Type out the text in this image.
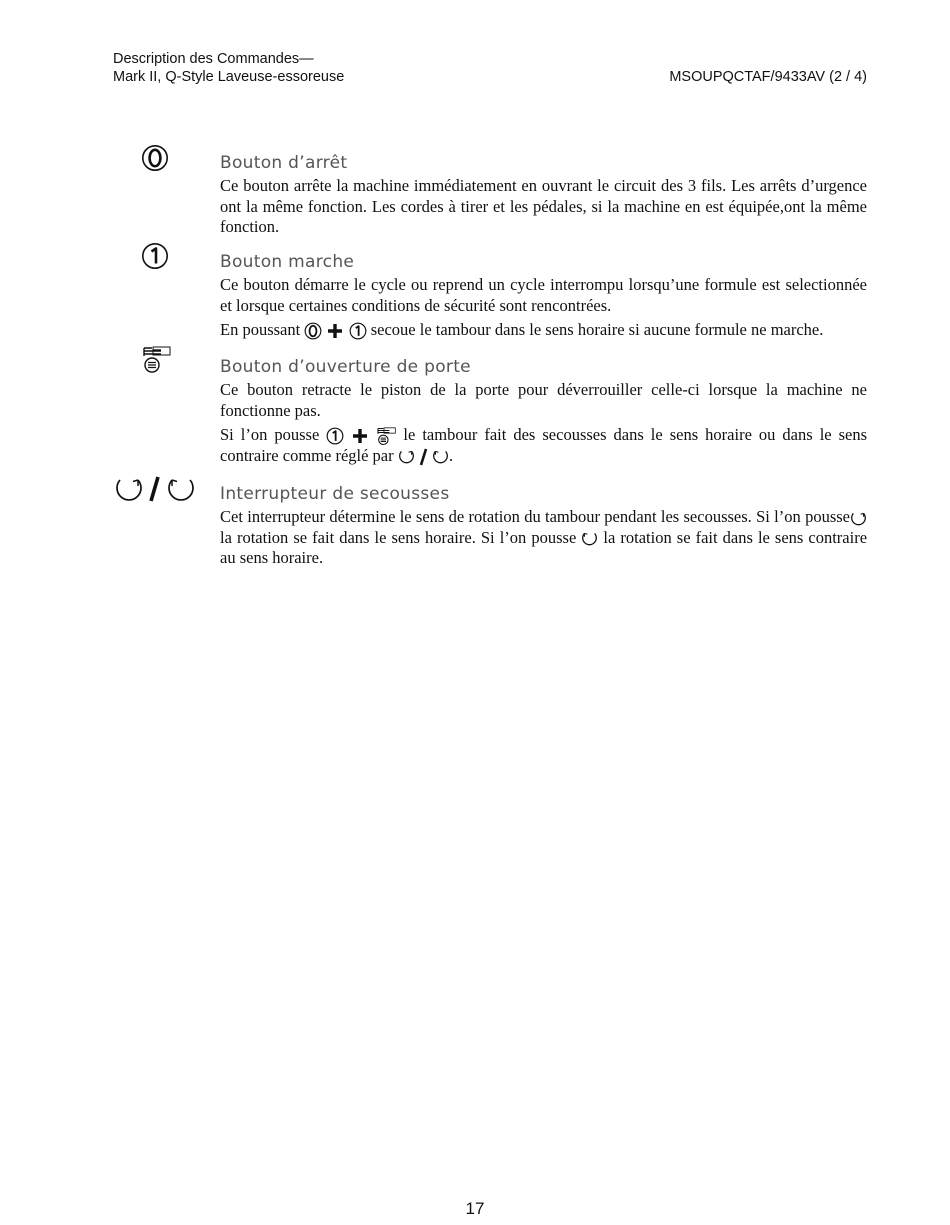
Description des Commandes—
Mark II, Q-Style Laveuse-essoreuse	MSOUPQCTAF/9433AV (2 / 4)
Bouton d’arrêt

Ce bouton arrête la machine immédiatement en ouvrant le circuit des 3 fils. Les arrêts d’urgence ont la même fonction. Les cordes à tirer et les pédales, si la machine en est équipée,ont la même fonction.

Bouton marche

Ce bouton démarre le cycle ou reprend un cycle interrompu lorsqu’une formule est selectionnée et lorsque certaines conditions de sécurité sont rencontrées.

En poussant

	secoue le tambour dans le sens horaire si aucune formule ne marche.

Bouton d’ouverture de porte

Ce bouton retracte le piston de la porte pour déverrouiller celle-ci lorsque la machine ne fonctionne pas.

Si l’on pousse

	le tambour fait des secousses dans le sens horaire ou dans le sens contraire comme réglé par

	.

Interrupteur de secousses

Cet interrupteur détermine le sens de rotation du tambour pendant les secousses. Si l’on pousse
la rotation se fait dans le sens horaire. Si l’on pousse la rotation se fait dans le sens contraire au sens horaire.

17
